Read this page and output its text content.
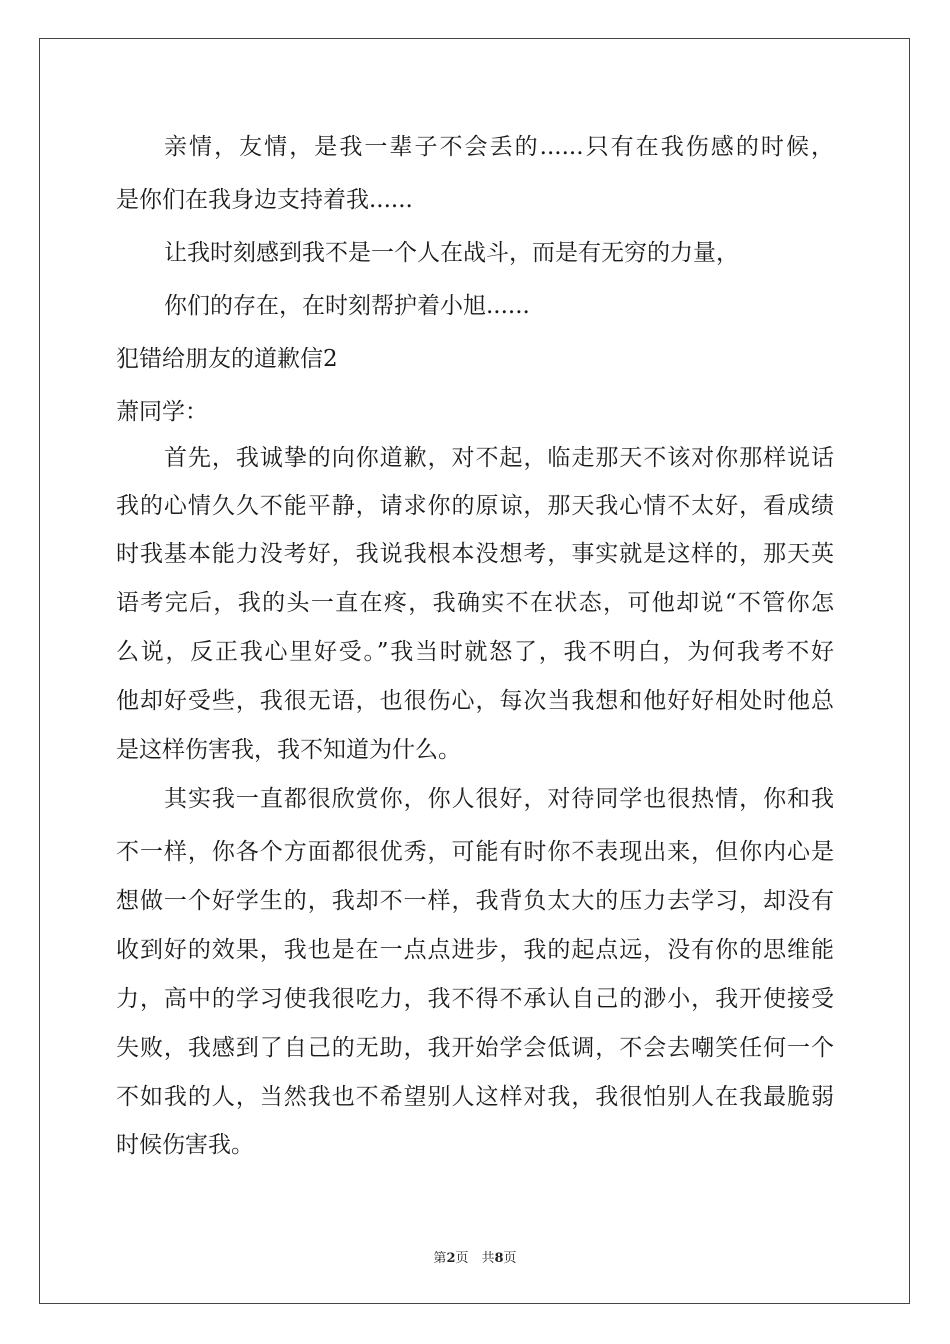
亲情，友情，是我一辈子不会丢的......只有在我伤感的时候，
是你们在我身边支持着我......
让我时刻感到我不是一个人在战斗，而是有无穷的力量，
你们的存在，在时刻帮护着小旭......
犯错给朋友的道歉信2
萧同学：
首先，我诚挚的向你道歉，对不起，临走那天不该对你那样说话
我的心情久久不能平静，请求你的原谅，那天我心情不太好，看成绩
时我基本能力没考好，我说我根本没想考，事实就是这样的，那天英
语考完后，我的头一直在疼，我确实不在状态，可他却说“不管你怎
么说，反正我心里好受。”我当时就怒了，我不明白，为何我考不好
他却好受些，我很无语，也很伤心，每次当我想和他好好相处时他总
是这样伤害我，我不知道为什么。
其实我一直都很欣赏你，你人很好，对待同学也很热情，你和我
不一样，你各个方面都很优秀，可能有时你不表现出来，但你内心是
想做一个好学生的，我却不一样，我背负太大的压力去学习，却没有
收到好的效果，我也是在一点点进步，我的起点远，没有你的思维能
力，高中的学习使我很吃力，我不得不承认自己的渺小，我开使接受
失败，我感到了自己的无助，我开始学会低调，不会去嘲笑任何一个
不如我的人，当然我也不希望别人这样对我，我很怕别人在我最脆弱
时候伤害我。
第2页　共8页
